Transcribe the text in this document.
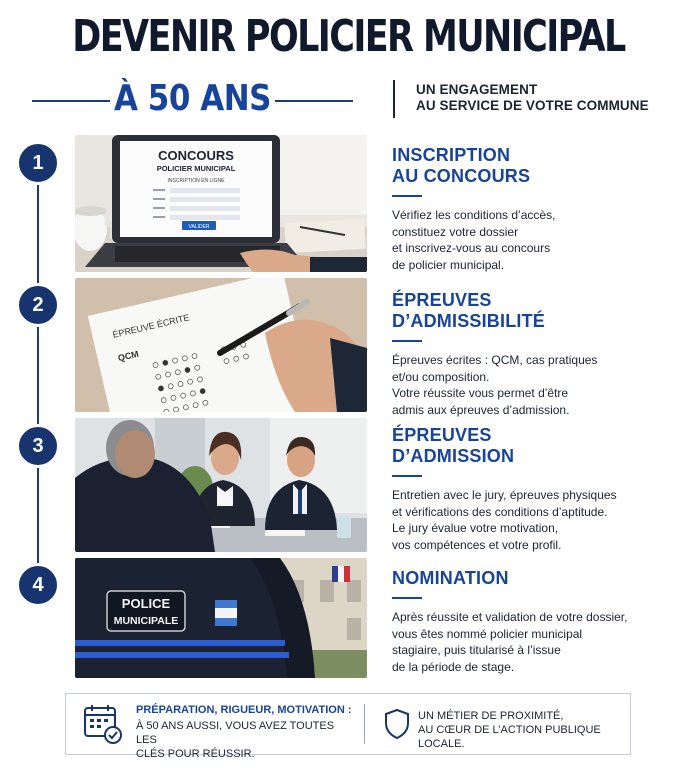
DEVENIR POLICIER MUNICIPAL
À 50 ANS	UN ENGAGEMENT
AU SERVICE DE VOTRE COMMUNE
1	CONCOURS
POLICIER MUNICIPAL
INSCRIPTION EN LIGNE
VALIDER
INSCRIPTION
AU CONCOURS
Vérifiez les conditions d’accès,
constituez votre dossier
et inscrivez-vous au concours
de policier municipal.
2
ÉPREUVE ÉCRITE
QCM
ÉPREUVES
D’ADMISSIBILITÉ
Épreuves écrites : QCM, cas pratiques
et/ou composition.
Votre réussite vous permet d’être
admis aux épreuves d’admission.
3	ÉPREUVES
D’ADMISSION
Entretien avec le jury, épreuves physiques
et vérifications des conditions d’aptitude.
Le jury évalue votre motivation,
vos compétences et votre profil.
4
POLICE
MUNICIPALE
NOMINATION
Après réussite et validation de votre dossier,
vous êtes nommé policier municipal
stagiaire, puis titularisé à l’issue
de la période de stage.
PRÉPARATION, RIGUEUR, MOTIVATION :
À 50 ANS AUSSI, VOUS AVEZ TOUTES LES
CLÉS POUR RÉUSSIR.
UN MÉTIER DE PROXIMITÉ,
AU CŒUR DE L’ACTION PUBLIQUE LOCALE.
